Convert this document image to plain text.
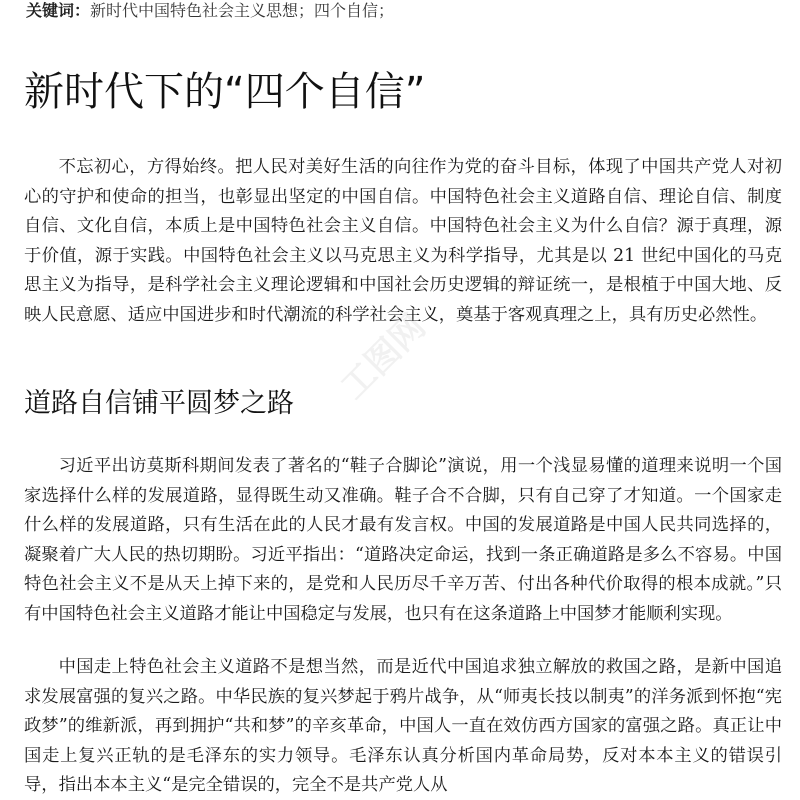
关键词：新时代中国特色社会主义思想；四个自信；
新时代下的“四个自信”

不忘初心，方得始终。把人民对美好生活的向往作为党的奋斗目标，体现了中国共产党人对初心的守护和使命的担当，也彰显出坚定的中国自信。中国特色社会主义道路自信、理论自信、制度自信、文化自信，本质上是中国特色社会主义自信。中国特色社会主义为什么自信？源于真理，源于价值，源于实践。中国特色社会主义以马克思主义为科学指导，尤其是以 21 世纪中国化的马克思主义为指导，是科学社会主义理论逻辑和中国社会历史逻辑的辩证统一，是根植于中国大地、反映人民意愿、适应中国进步和时代潮流的科学社会主义，奠基于客观真理之上，具有历史必然性。

道路自信铺平圆梦之路

习近平出访莫斯科期间发表了著名的“鞋子合脚论”演说，用一个浅显易懂的道理来说明一个国家选择什么样的发展道路，显得既生动又准确。鞋子合不合脚，只有自己穿了才知道。一个国家走什么样的发展道路，只有生活在此的人民才最有发言权。中国的发展道路是中国人民共同选择的，凝聚着广大人民的热切期盼。习近平指出：“道路决定命运，找到一条正确道路是多么不容易。中国特色社会主义不是从天上掉下来的，是党和人民历尽千辛万苦、付出各种代价取得的根本成就。”只有中国特色社会主义道路才能让中国稳定与发展，也只有在这条道路上中国梦才能顺利实现。

中国走上特色社会主义道路不是想当然，而是近代中国追求独立解放的救国之路，是新中国追求发展富强的复兴之路。中华民族的复兴梦起于鸦片战争，从“师夷长技以制夷”的洋务派到怀抱“宪政梦”的维新派，再到拥护“共和梦”的辛亥革命，中国人一直在效仿西方国家的富强之路。真正让中国走上复兴正轨的是毛泽东的实力领导。毛泽东认真分析国内革命局势，反对本本主义的错误引导，指出本本主义“是完全错误的，完全不是共产党人从

工图网
